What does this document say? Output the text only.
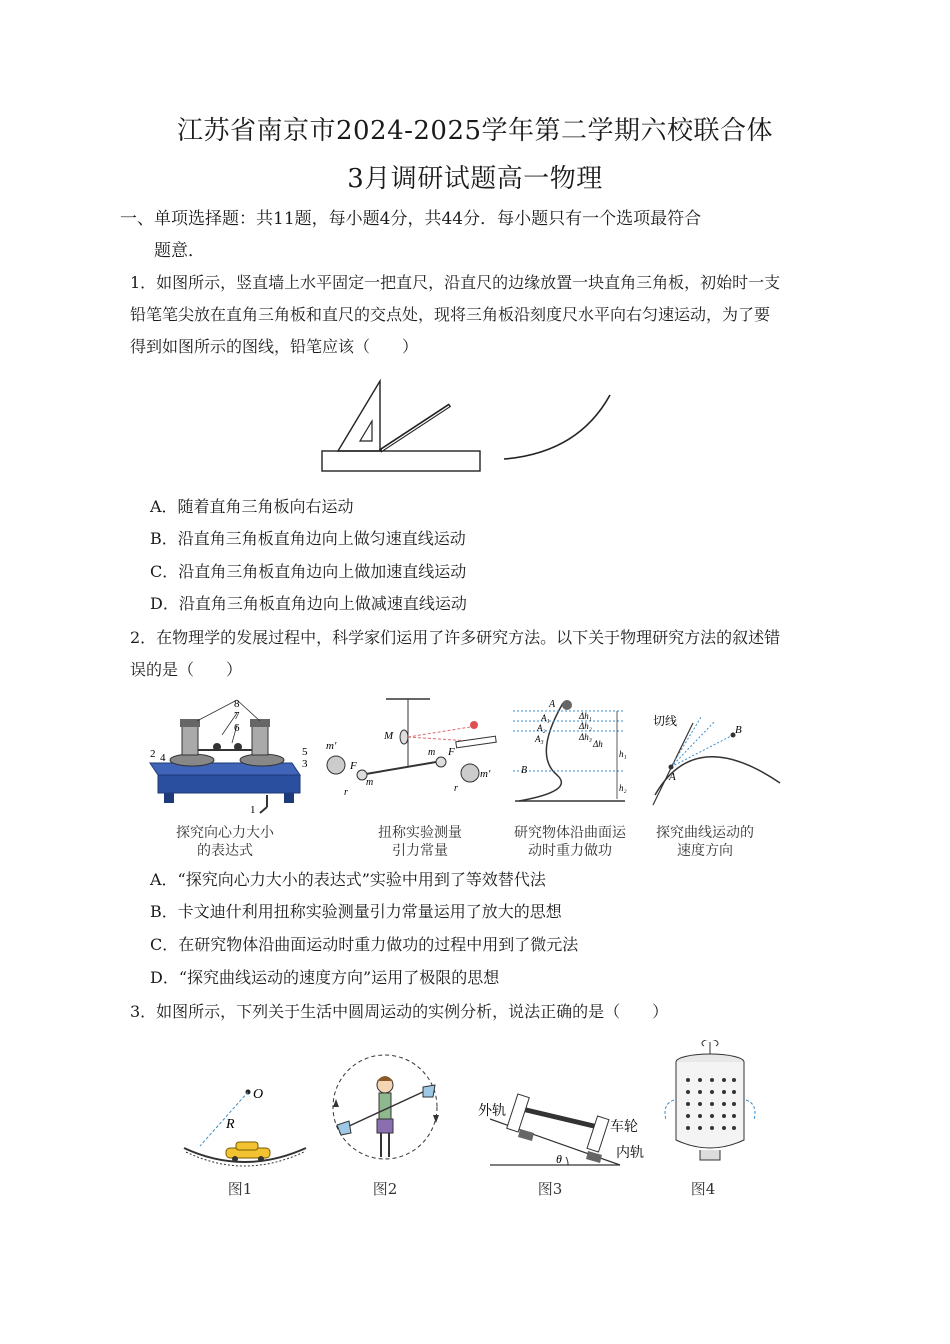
江苏省南京市2024-2025学年第二学期六校联合体
3月调研试题高一物理
一、单项选择题：共11题，每小题4分，共44分．每小题只有一个选项最符合
题意．
1．如图所示，竖直墙上水平固定一把直尺，沿直尺的边缘放置一块直角三角板，初始时一支
铅笔笔尖放在直角三角板和直尺的交点处，现将三角板沿刻度尺水平向右匀速运动，为了要
得到如图所示的图线，铅笔应该（　　）
A．随着直角三角板向右运动
B．沿直角三角板直角边向上做匀速直线运动
C．沿直角三角板直角边向上做加速直线运动
D．沿直角三角板直角边向上做减速直线运动
2．在物理学的发展过程中，科学家们运用了许多研究方法。以下关于物理研究方法的叙述错
误的是（　　）
8
7
6
4
2	5
3
1
m′
M
F
m
r
m F
m′
r
A
A₁
A₂
A₃
Δh₁
Δh₂
Δh₃
Δh
h₁
B
h₂
切线
B
A
探究向心力大小
的表达式
扭称实验测量
引力常量
研究物体沿曲面运
动时重力做功
探究曲线运动的
速度方向
A．“探究向心力大小的表达式”实验中用到了等效替代法
B．卡文迪什利用扭称实验测量引力常量运用了放大的思想
C．在研究物体沿曲面运动时重力做功的过程中用到了微元法
D．“探究曲线运动的速度方向”运用了极限的思想
3．如图所示，下列关于生活中圆周运动的实例分析，说法正确的是（　　）
O
R
外轨
车轮
内轨
θ
图1	图2	图3	图4
